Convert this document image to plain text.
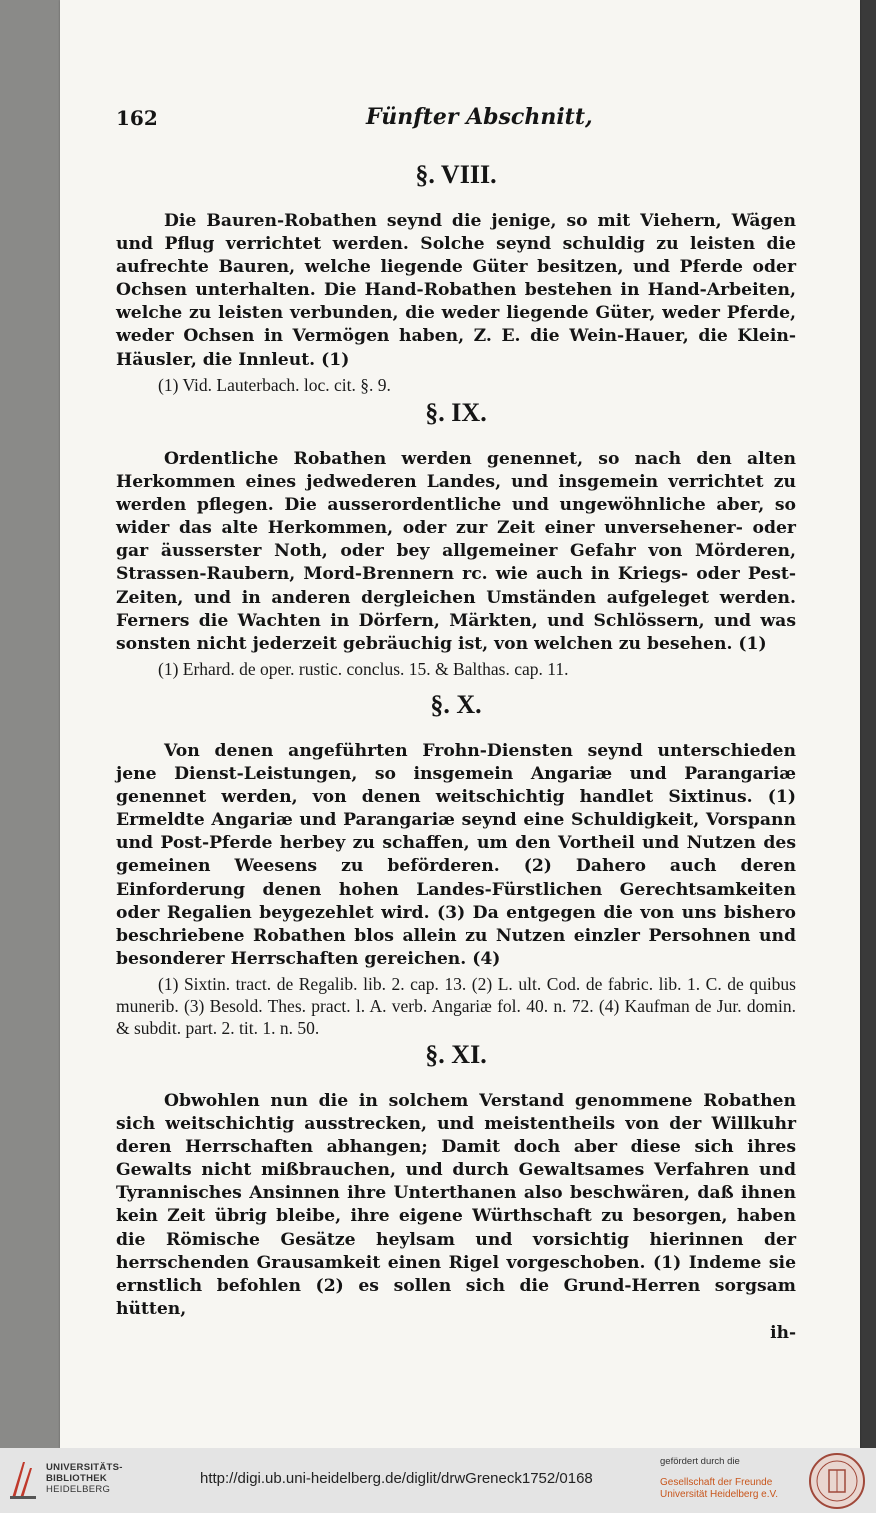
162	Fünfter Abschnitt,
§. VIII.

Die Bauren-Robathen seynd die jenige, so mit Viehern, Wägen und Pflug verrichtet werden. Solche seynd schuldig zu leisten die aufrechte Bauren, welche liegende Güter besitzen, und Pferde oder Ochsen unterhalten. Die Hand-Robathen bestehen in Hand-Arbeiten, welche zu leisten verbunden, die weder liegende Güter, weder Pferde, weder Ochsen in Vermögen haben, Z. E. die Wein-Hauer, die Klein-Häusler, die Innleut. (1)

(1) Vid. Lauterbach. loc. cit. §. 9.

§. IX.

Ordentliche Robathen werden genennet, so nach den alten Herkommen eines jedwederen Landes, und insgemein verrichtet zu werden pflegen. Die ausserordentliche und ungewöhnliche aber, so wider das alte Herkommen, oder zur Zeit einer unversehener- oder gar äusserster Noth, oder bey allgemeiner Gefahr von Mörderen, Strassen-Raubern, Mord-Brennern rc. wie auch in Kriegs- oder Pest-Zeiten, und in anderen dergleichen Umständen aufgeleget werden. Ferners die Wachten in Dörfern, Märkten, und Schlössern, und was sonsten nicht jederzeit gebräuchig ist, von welchen zu besehen. (1)

(1) Erhard. de oper. rustic. conclus. 15. & Balthas. cap. 11.

§. X.

Von denen angeführten Frohn-Diensten seynd unterschieden jene Dienst-Leistungen, so insgemein Angariæ und Parangariæ genennet werden, von denen weitschichtig handlet Sixtinus. (1) Ermeldte Angariæ und Parangariæ seynd eine Schuldigkeit, Vorspann und Post-Pferde herbey zu schaffen, um den Vortheil und Nutzen des gemeinen Weesens zu beförderen. (2) Dahero auch deren Einforderung denen hohen Landes-Fürstlichen Gerechtsamkeiten oder Regalien beygezehlet wird. (3) Da entgegen die von uns bishero beschriebene Robathen blos allein zu Nutzen einzler Persohnen und besonderer Herrschaften gereichen. (4)

(1) Sixtin. tract. de Regalib. lib. 2. cap. 13. (2) L. ult. Cod. de fabric. lib. 1. C. de quibus munerib. (3) Besold. Thes. pract. l. A. verb. Angariæ fol. 40. n. 72. (4) Kaufman de Jur. domin. & subdit. part. 2. tit. 1. n. 50.

§. XI.

Obwohlen nun die in solchem Verstand genommene Robathen sich weitschichtig ausstrecken, und meistentheils von der Willkuhr deren Herrschaften abhangen; Damit doch aber diese sich ihres Gewalts nicht mißbrauchen, und durch Gewaltsames Verfahren und Tyrannisches Ansinnen ihre Unterthanen also beschwären, daß ihnen kein Zeit übrig bleibe, ihre eigene Würthschaft zu besorgen, haben die Römische Gesätze heylsam und vorsichtig hierinnen der herrschenden Grausamkeit einen Rigel vorgeschoben. (1) Indeme sie ernstlich befohlen (2) es sollen sich die Grund-Herren sorgsam hütten,

ih-
UNIVERSITÄTS-
BIBLIOTHEK
HEIDELBERG
http://digi.ub.uni-heidelberg.de/diglit/drwGreneck1752/0168
gefördert durch die
Gesellschaft der Freunde
Universität Heidelberg e.V.
